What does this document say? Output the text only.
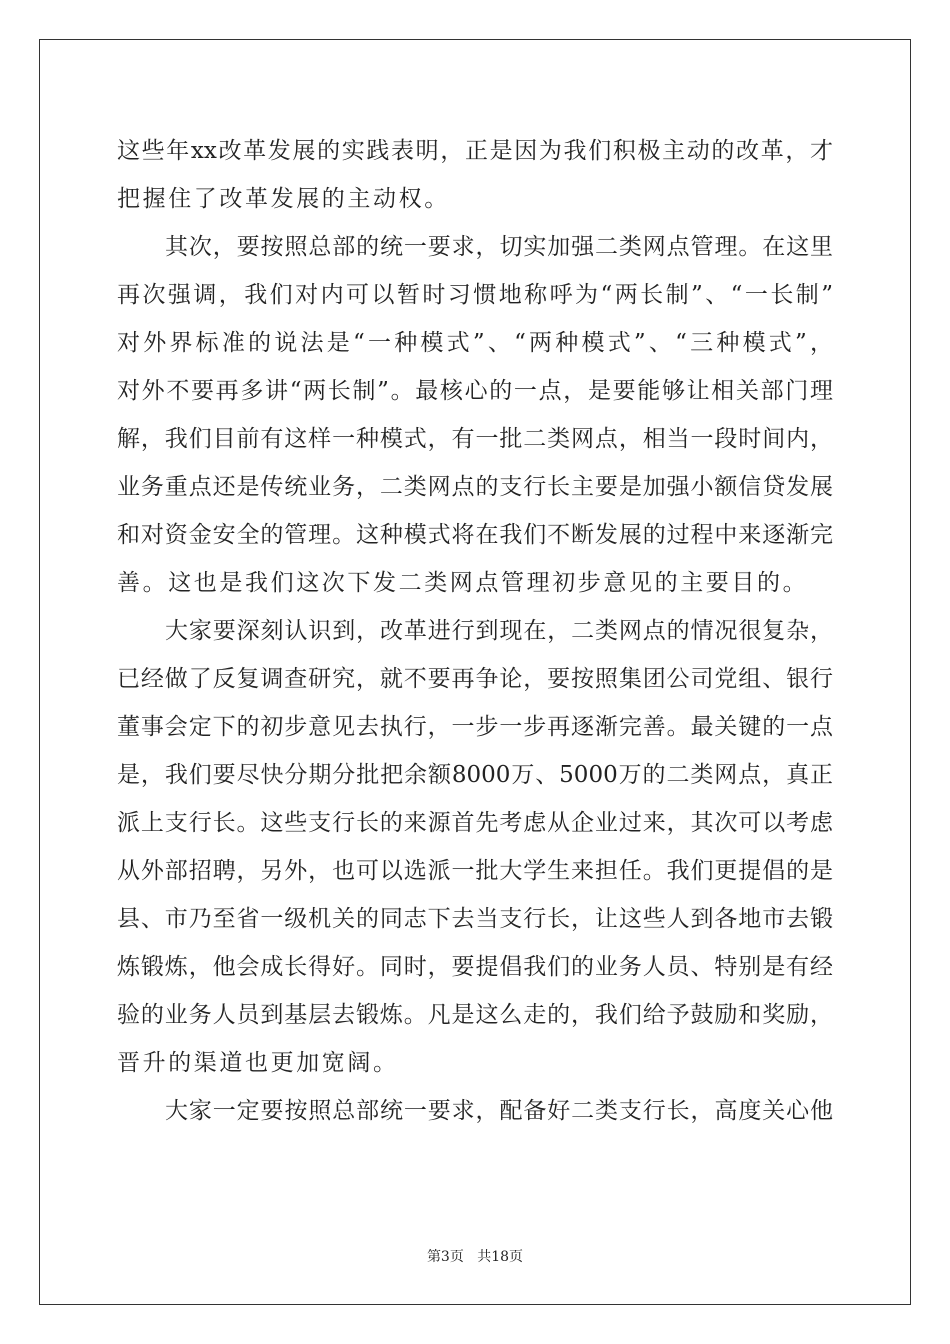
这些年xx改革发展的实践表明，正是因为我们积极主动的改革，才
把握住了改革发展的主动权。
其次，要按照总部的统一要求，切实加强二类网点管理。在这里
再次强调，我们对内可以暂时习惯地称呼为“两长制”、“一长制”
对外界标准的说法是“一种模式”、“两种模式”、“三种模式”，
对外不要再多讲“两长制”。最核心的一点，是要能够让相关部门理
解，我们目前有这样一种模式，有一批二类网点，相当一段时间内，
业务重点还是传统业务，二类网点的支行长主要是加强小额信贷发展
和对资金安全的管理。这种模式将在我们不断发展的过程中来逐渐完
善。这也是我们这次下发二类网点管理初步意见的主要目的。
大家要深刻认识到，改革进行到现在，二类网点的情况很复杂，
已经做了反复调查研究，就不要再争论，要按照集团公司党组、银行
董事会定下的初步意见去执行，一步一步再逐渐完善。最关键的一点
是，我们要尽快分期分批把余额8000万、5000万的二类网点，真正
派上支行长。这些支行长的来源首先考虑从企业过来，其次可以考虑
从外部招聘，另外，也可以选派一批大学生来担任。我们更提倡的是
县、市乃至省一级机关的同志下去当支行长，让这些人到各地市去锻
炼锻炼，他会成长得好。同时，要提倡我们的业务人员、特别是有经
验的业务人员到基层去锻炼。凡是这么走的，我们给予鼓励和奖励，
晋升的渠道也更加宽阔。
大家一定要按照总部统一要求，配备好二类支行长，高度关心他
第3页 共18页
